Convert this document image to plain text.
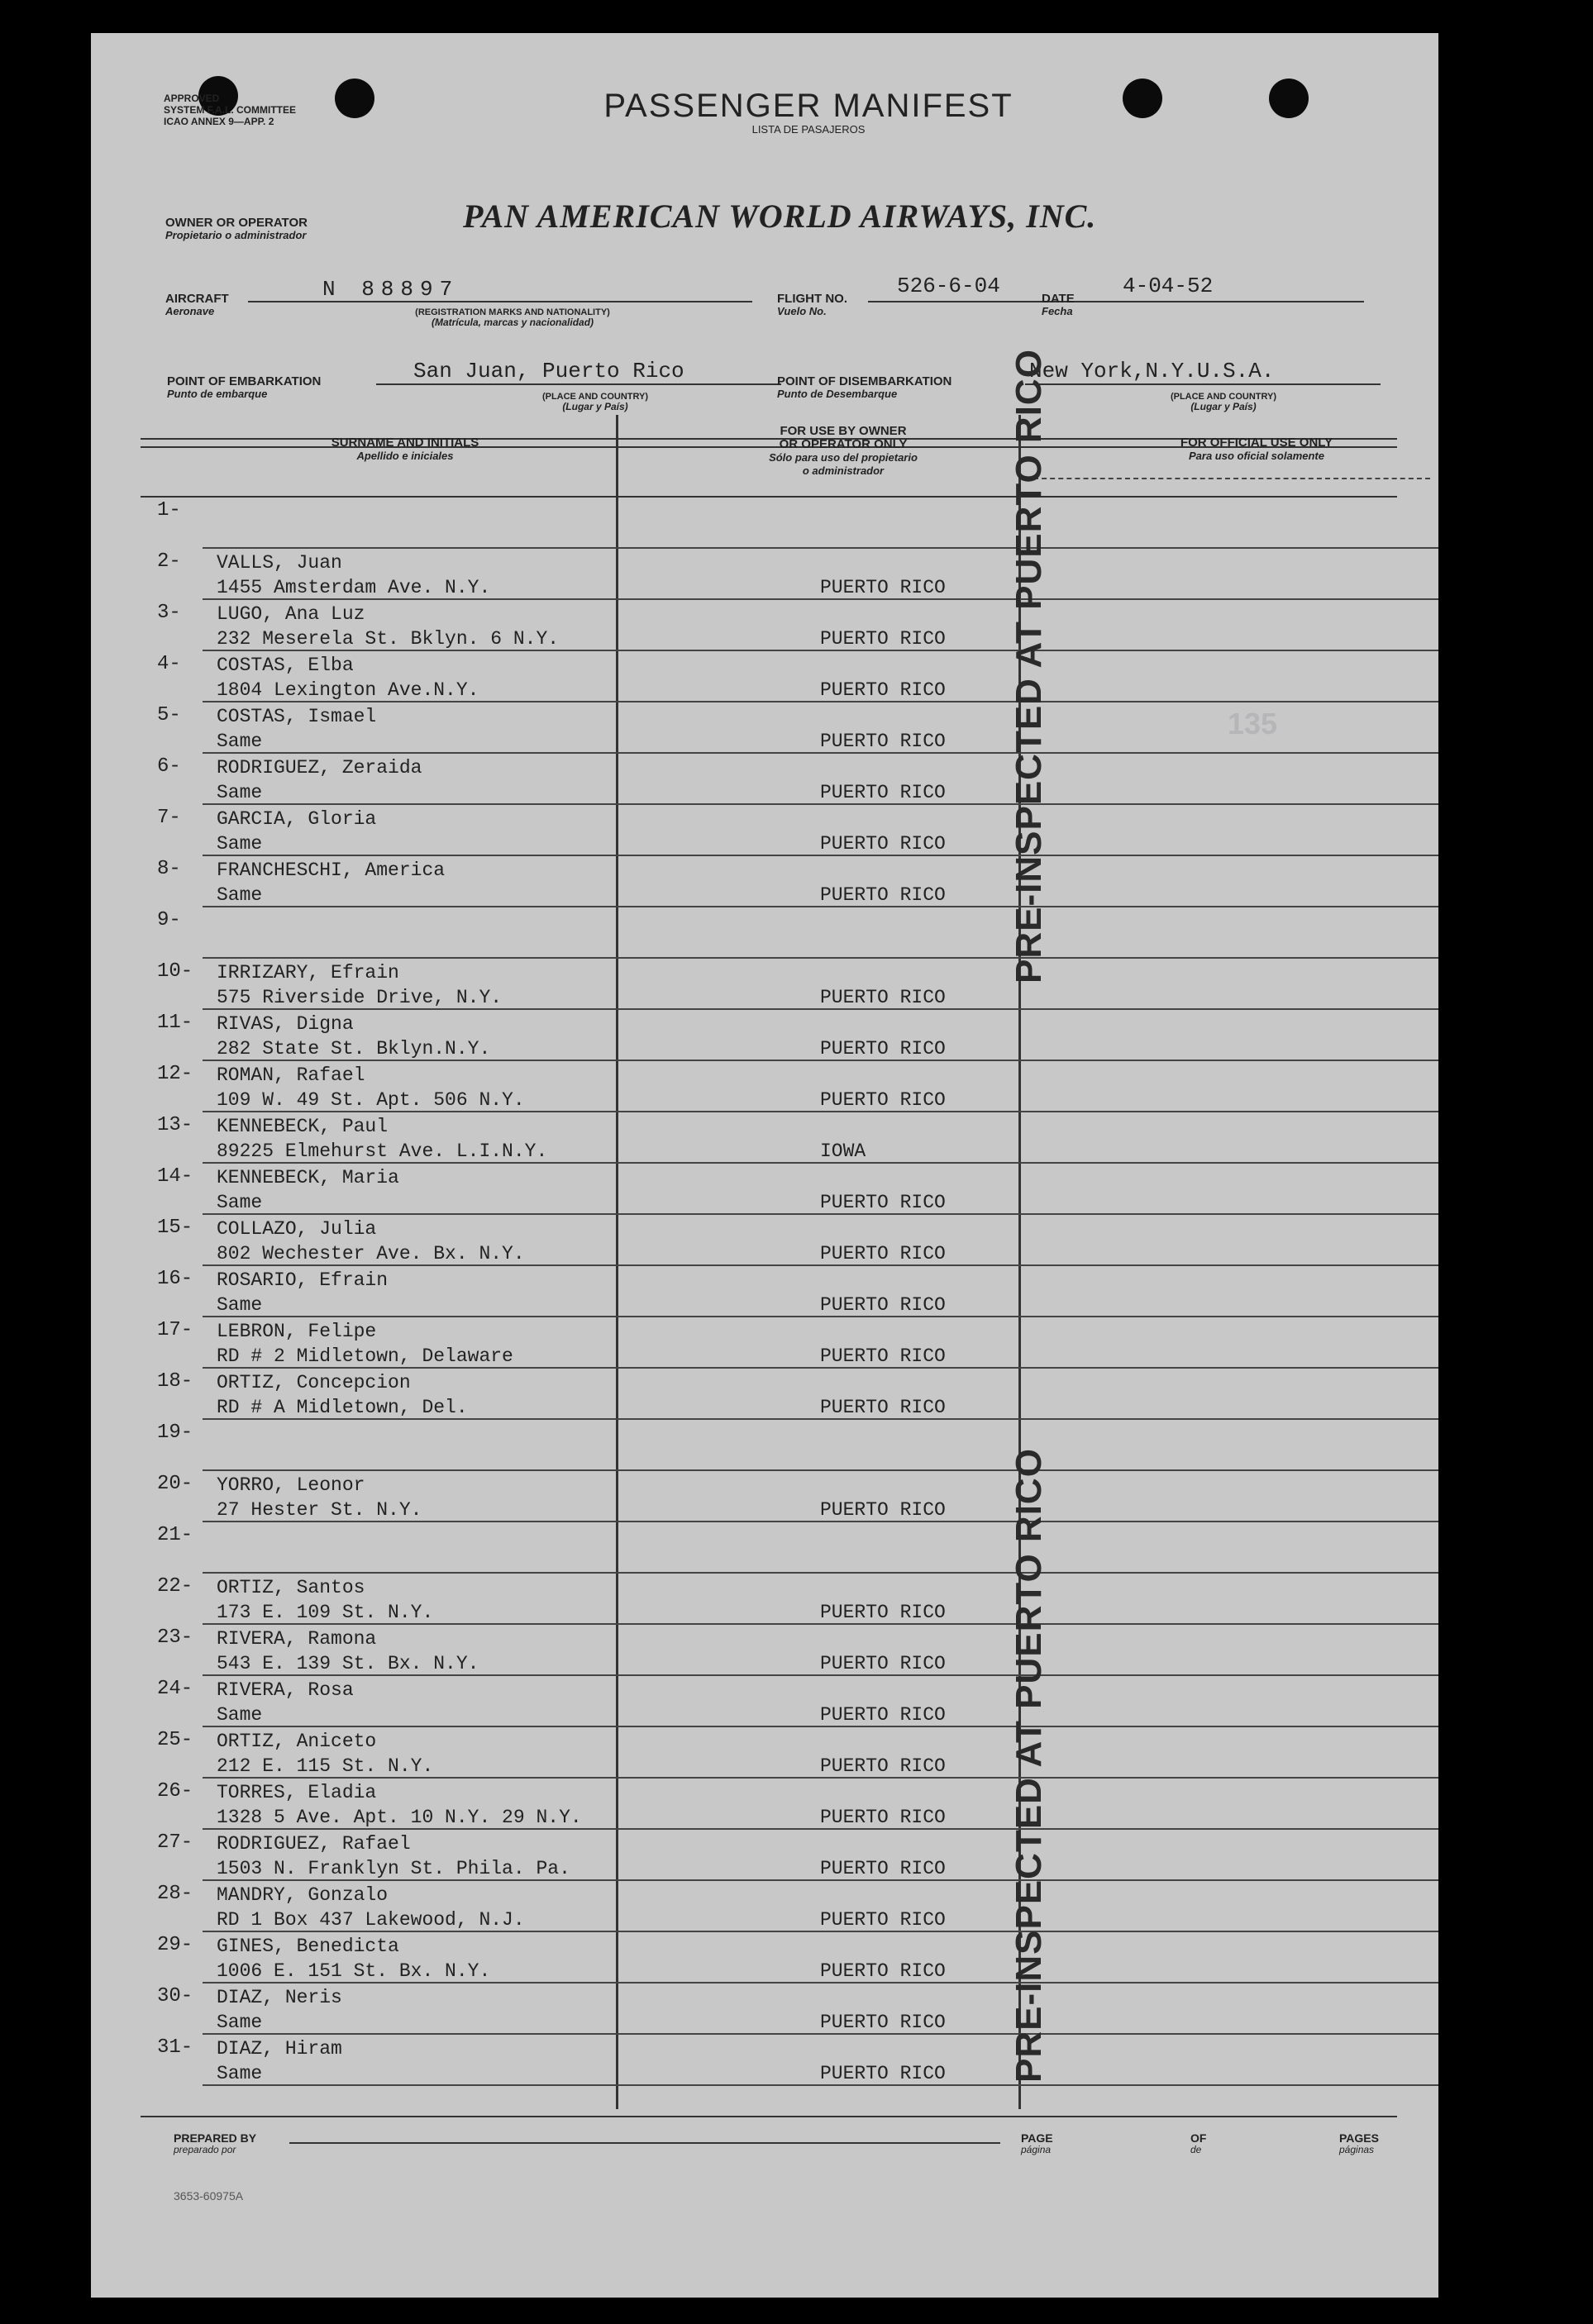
APPROVED
SYSTEM F.A.L. COMMITTEE
ICAO ANNEX 9—APP. 2	PASSENGER MANIFEST
LISTA DE PASAJEROS
OWNER OR OPERATOR
Propietario o administrador
PAN AMERICAN WORLD AIRWAYS, INC.
AIRCRAFT
Aeronave
N 88897
(REGISTRATION MARKS AND NATIONALITY)
(Matrícula, marcas y nacionalidad)
FLIGHT NO.
Vuelo No.
526-6-04
DATE
Fecha
4-04-52
POINT OF EMBARKATION
Punto de embarque
San Juan, Puerto Rico
(PLACE AND COUNTRY)
(Lugar y País)
POINT OF DISEMBARKATION
Punto de Desembarque
New York,N.Y.U.S.A.
(PLACE AND COUNTRY)
(Lugar y País)
SURNAME AND INITIALS
Apellido e iniciales
FOR USE BY OWNER
OR OPERATOR ONLY
Sólo para uso del propietario
o administrador
FOR OFFICIAL USE ONLY
Para uso oficial solamente
1-
2-	VALLS, Juan
1455 Amsterdam Ave. N.Y.	PUERTO RICO
3-	LUGO, Ana Luz
232 Meserela St. Bklyn. 6 N.Y.	PUERTO RICO
4-	COSTAS, Elba
1804 Lexington Ave.N.Y.	PUERTO RICO
5-	COSTAS, Ismael
Same	PUERTO RICO
6-	RODRIGUEZ, Zeraida
Same	PUERTO RICO
7-	GARCIA, Gloria
Same	PUERTO RICO
8-	FRANCHESCHI, America
Same	PUERTO RICO
9-
10-	IRRIZARY, Efrain
575 Riverside Drive, N.Y.	PUERTO RICO
11-	RIVAS, Digna
282 State St. Bklyn.N.Y.	PUERTO RICO
12-	ROMAN, Rafael
109 W. 49 St. Apt. 506 N.Y.	PUERTO RICO
13-	KENNEBECK, Paul
89225 Elmehurst Ave. L.I.N.Y.	IOWA
14-	KENNEBECK, Maria
Same	PUERTO RICO
15-	COLLAZO, Julia
802 Wechester Ave. Bx. N.Y.	PUERTO RICO
16-	ROSARIO, Efrain
Same	PUERTO RICO
17-	LEBRON, Felipe
RD # 2 Midletown, Delaware	PUERTO RICO
18-	ORTIZ, Concepcion
RD # A Midletown, Del.	PUERTO RICO
19-
20-	YORRO, Leonor
27 Hester St. N.Y.	PUERTO RICO
21-
22-	ORTIZ, Santos
173 E. 109 St. N.Y.	PUERTO RICO
23-	RIVERA, Ramona
543 E. 139 St. Bx. N.Y.	PUERTO RICO
24-	RIVERA, Rosa
Same	PUERTO RICO
25-	ORTIZ, Aniceto
212 E. 115 St. N.Y.	PUERTO RICO
26-	TORRES, Eladia
1328 5 Ave. Apt. 10 N.Y. 29 N.Y.	PUERTO RICO
27-	RODRIGUEZ, Rafael
1503 N. Franklyn St. Phila. Pa.	PUERTO RICO
28-	MANDRY, Gonzalo
RD 1 Box 437 Lakewood, N.J.	PUERTO RICO
29-	GINES, Benedicta
1006 E. 151 St. Bx. N.Y.	PUERTO RICO
30-	DIAZ, Neris
Same	PUERTO RICO
31-	DIAZ, Hiram
Same	PUERTO RICO
PRE-INSPECTED AT PUERTO RICO
PRE-INSPECTED AT PUERTO RICO
135
PREPARED BY
preparado por
PAGE
página
OF
de
PAGES
páginas
3653-60975A
